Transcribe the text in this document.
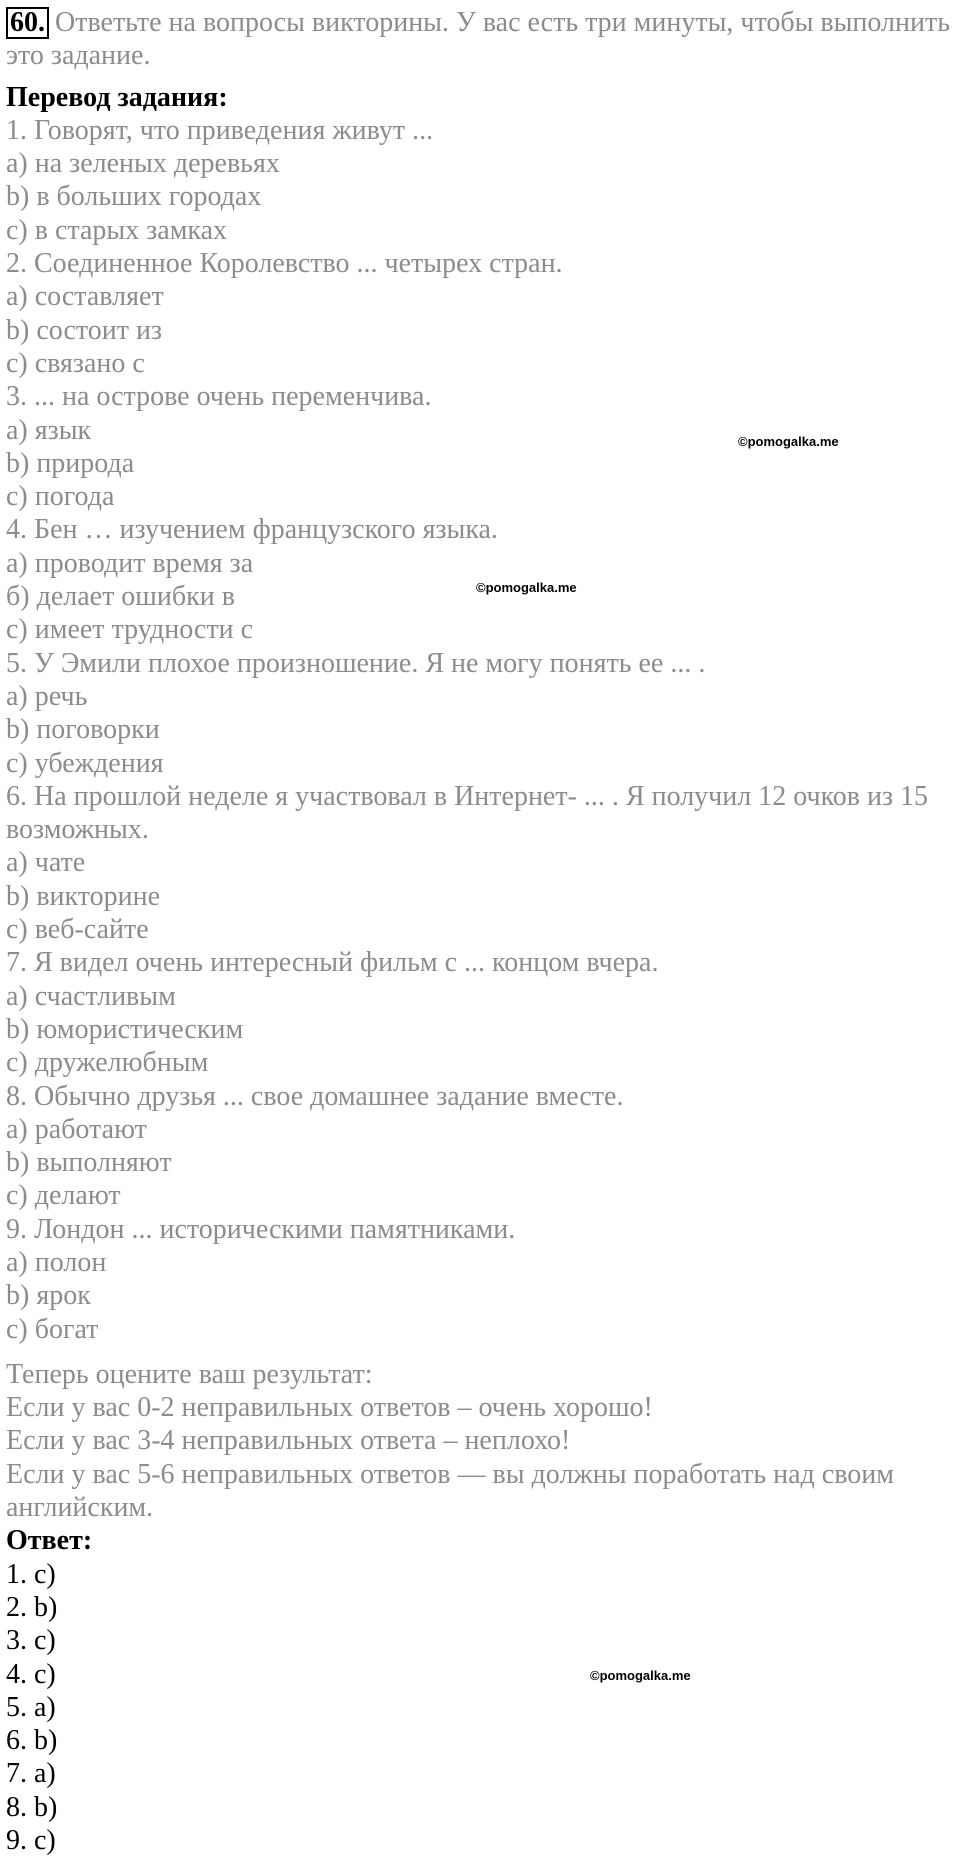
60. Ответьте на вопросы викторины. У вас есть три минуты, чтобы выполнить это задание.
Перевод задания:
1. Говорят, что приведения живут ...
a) на зеленых деревьях
b) в больших городах
c) в старых замках
2. Соединенное Королевство ... четырех стран.
a) составляет
b) состоит из
c) связано с
3. ... на острове очень переменчива.
a) язык
b) природа
c) погода
4. Бен … изучением французского языка.
a) проводит время за
б) делает ошибки в
c) имеет трудности с
5. У Эмили плохое произношение. Я не могу понять ее ... .
a) речь
b) поговорки
c) убеждения
6. На прошлой неделе я участвовал в Интернет- ... . Я получил 12 очков из 15 возможных.
a) чате
b) викторине
c) веб-сайте
7. Я видел очень интересный фильм с ... концом вчера.
a) счастливым
b) юмористическим
c) дружелюбным
8. Обычно друзья ... свое домашнее задание вместе.
a) работают
b) выполняют
c) делают
9. Лондон ... историческими памятниками.
a) полон
b) ярок
c) богат
Теперь оцените ваш результат:
Если у вас 0-2 неправильных ответов – очень хорошо!
Если у вас 3-4 неправильных ответа – неплохо!
Если у вас 5-6 неправильных ответов — вы должны поработать над своим английским.
Ответ:
1. c)
2. b)
3. c)
4. c)
5. a)
6. b)
7. a)
8. b)
9. c)
©pomogalka.me
©pomogalka.me
©pomogalka.me
